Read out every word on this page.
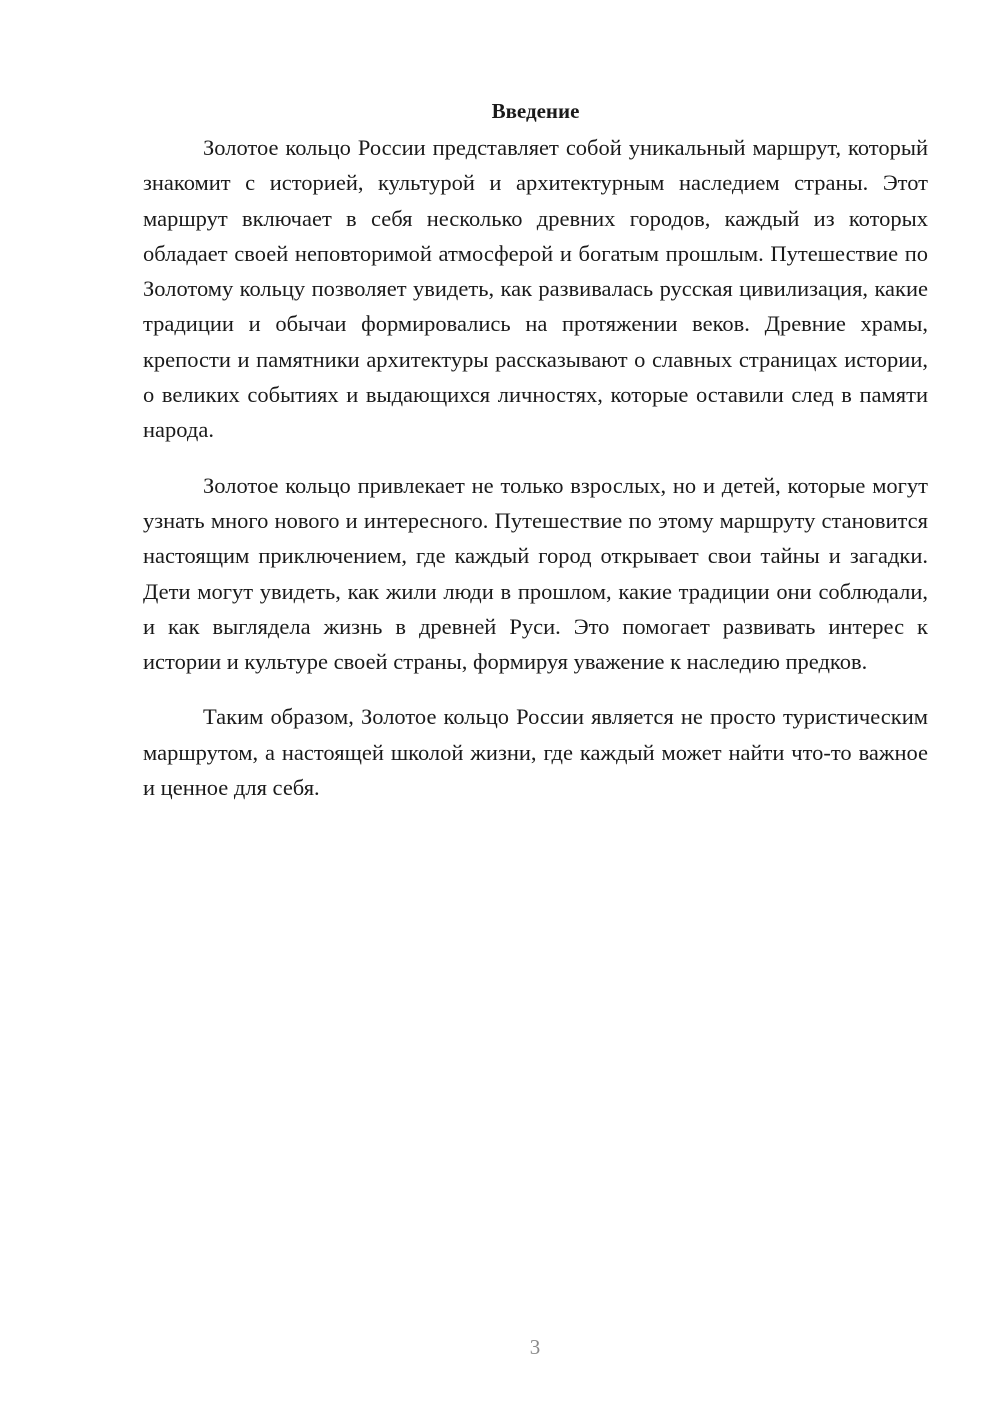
Введение

Золотое кольцо России представляет собой уникальный маршрут, который знакомит с историей, культурой и архитектурным наследием страны. Этот маршрут включает в себя несколько древних городов, каждый из которых обладает своей неповторимой атмосферой и богатым прошлым. Путешествие по Золотому кольцу позволяет увидеть, как развивалась русская цивилизация, какие традиции и обычаи формировались на протяжении веков. Древние храмы, крепости и памятники архитектуры рассказывают о славных страницах истории, о великих событиях и выдающихся личностях, которые оставили след в памяти народа.

Золотое кольцо привлекает не только взрослых, но и детей, которые могут узнать много нового и интересного. Путешествие по этому маршруту становится настоящим приключением, где каждый город открывает свои тайны и загадки. Дети могут увидеть, как жили люди в прошлом, какие традиции они соблюдали, и как выглядела жизнь в древней Руси. Это помогает развивать интерес к истории и культуре своей страны, формируя уважение к наследию предков.

Таким образом, Золотое кольцо России является не просто туристическим маршрутом, а настоящей школой жизни, где каждый может найти что-то важное и ценное для себя.

3
